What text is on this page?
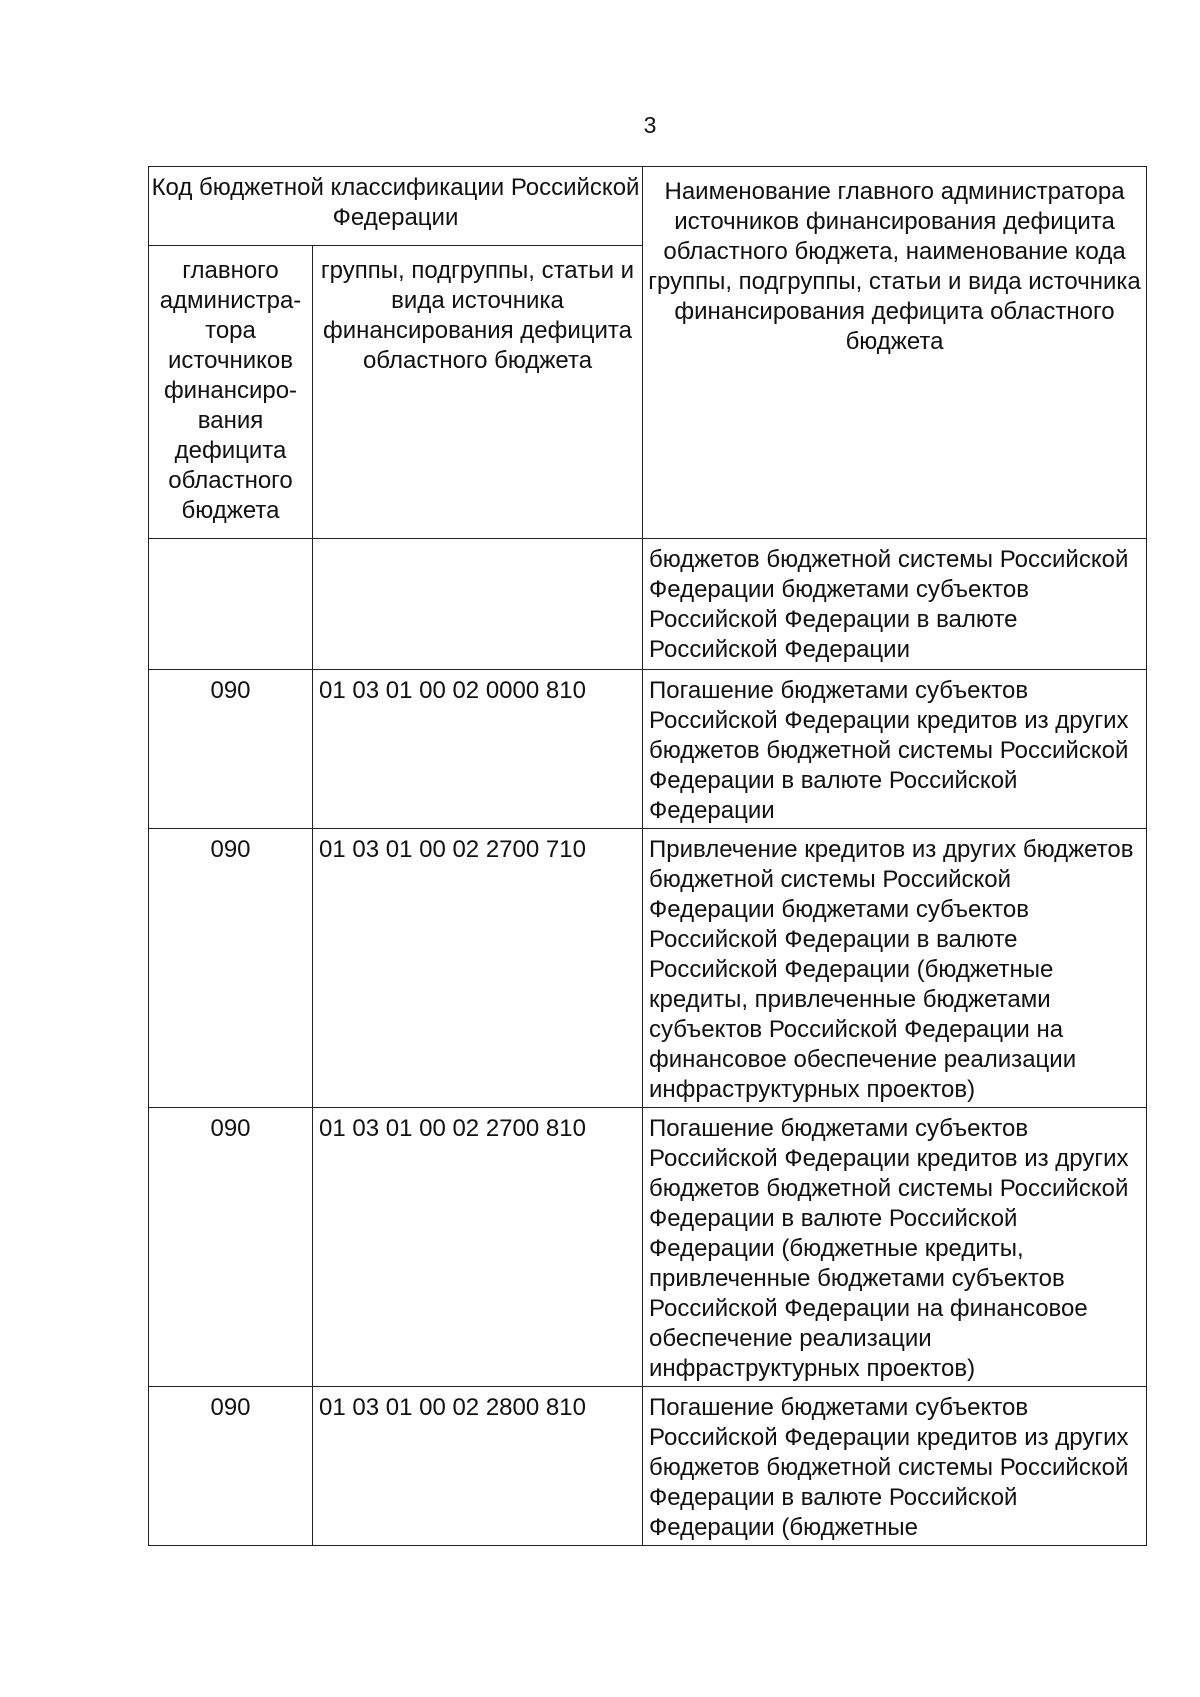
3
Код бюджетной классификации Российской Федерации		Наименование главного администратора источников финансирования дефицита областного бюджета, наименование кода группы, подгруппы, статьи и вида источника финансирования дефицита областного бюджета
главного администра-тора источников финансиро-вания дефицита областного бюджета	группы, подгруппы, статьи и вида источника финансирования дефицита областного бюджета	
		бюджетов бюджетной системы Российской Федерации бюджетами субъектов Российской Федерации в валюте Российской Федерации
090	01 03 01 00 02 0000 810	Погашение бюджетами субъектов Российской Федерации кредитов из других бюджетов бюджетной системы Российской Федерации в валюте Российской Федерации
090	01 03 01 00 02 2700 710	Привлечение кредитов из других бюджетов бюджетной системы Российской Федерации бюджетами субъектов Российской Федерации в валюте Российской Федерации (бюджетные кредиты, привлеченные бюджетами субъектов Российской Федерации на финансовое обеспечение реализации инфраструктурных проектов)
090	01 03 01 00 02 2700 810	Погашение бюджетами субъектов Российской Федерации кредитов из других бюджетов бюджетной системы Российской Федерации в валюте Российской Федерации (бюджетные кредиты, привлеченные бюджетами субъектов Российской Федерации на финансовое обеспечение реализации инфраструктурных проектов)
090	01 03 01 00 02 2800 810	Погашение бюджетами субъектов Российской Федерации кредитов из других бюджетов бюджетной системы Российской Федерации в валюте Российской Федерации (бюджетные
